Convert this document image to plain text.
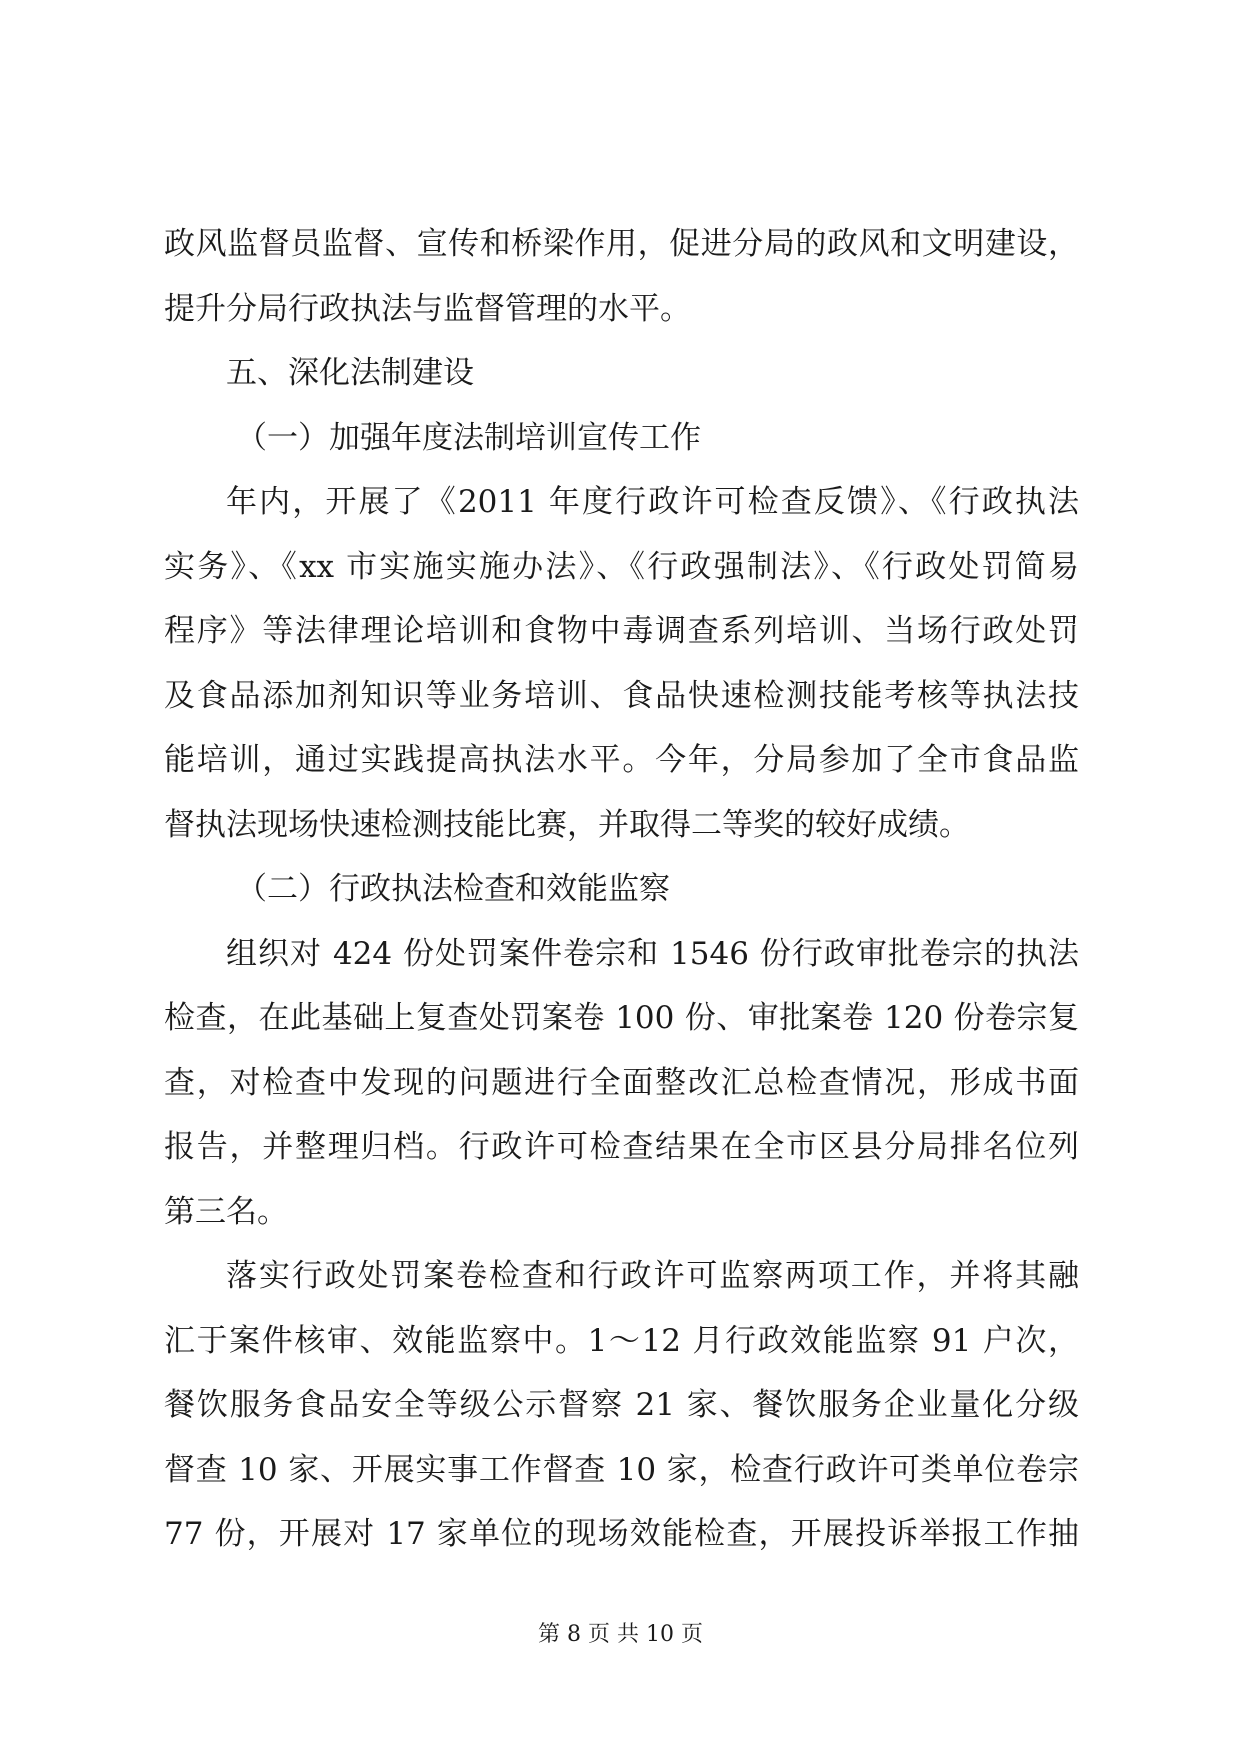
政风监督员监督、宣传和桥梁作用，促进分局的政风和文明建设，
提升分局行政执法与监督管理的水平。
五、深化法制建设
（一）加强年度法制培训宣传工作
年内，开展了《2011 年度行政许可检查反馈》、《行政执法
实务》、《xx 市实施实施办法》、《行政强制法》、《行政处罚简易
程序》等法律理论培训和食物中毒调查系列培训、当场行政处罚
及食品添加剂知识等业务培训、食品快速检测技能考核等执法技
能培训，通过实践提高执法水平。今年，分局参加了全市食品监
督执法现场快速检测技能比赛，并取得二等奖的较好成绩。
（二）行政执法检查和效能监察
组织对 424 份处罚案件卷宗和 1546 份行政审批卷宗的执法
检查，在此基础上复查处罚案卷 100 份、审批案卷 120 份卷宗复
查，对检查中发现的问题进行全面整改汇总检查情况，形成书面
报告，并整理归档。行政许可检查结果在全市区县分局排名位列
第三名。
落实行政处罚案卷检查和行政许可监察两项工作，并将其融
汇于案件核审、效能监察中。1～12 月行政效能监察 91 户次，
餐饮服务食品安全等级公示督察 21 家、餐饮服务企业量化分级
督查 10 家、开展实事工作督查 10 家，检查行政许可类单位卷宗
77 份，开展对 17 家单位的现场效能检查，开展投诉举报工作抽
第 8 页 共 10 页
